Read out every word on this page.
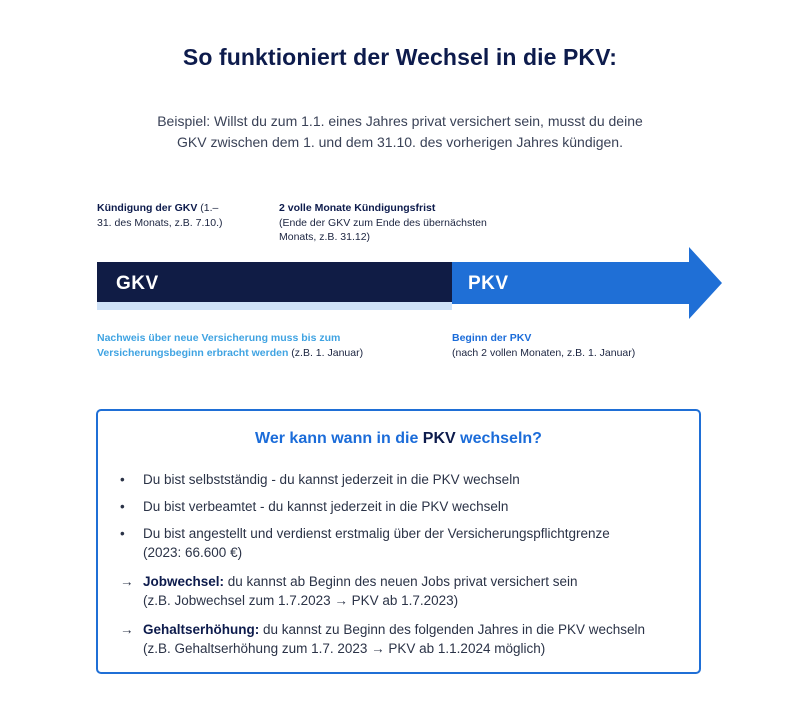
So funktioniert der Wechsel in die PKV:
Beispiel: Willst du zum 1.1. eines Jahres privat versichert sein, musst du deine
GKV zwischen dem 1. und dem 31.10. des vorherigen Jahres kündigen.
Kündigung der GKV (1.–31. des Monats, z.B. 7.10.)
2 volle Monate Kündigungsfrist
(Ende der GKV zum Ende des übernächsten Monats, z.B. 31.12)
GKV	PKV
Nachweis über neue Versicherung muss bis zum Versicherungsbeginn erbracht werden (z.B. 1. Januar)
Beginn der PKV
(nach 2 vollen Monaten, z.B. 1. Januar)
Wer kann wann in die PKV wechseln?
•	Du bist selbstständig - du kannst jederzeit in die PKV wechseln
•	Du bist verbeamtet - du kannst jederzeit in die PKV wechseln
•	Du bist angestellt und verdienst erstmalig über der Versicherungspflichtgrenze
(2023: 66.600 €)
→ Jobwechsel: du kannst ab Beginn des neuen Jobs privat versichert sein
(z.B. Jobwechsel zum 1.7.2023 → PKV ab 1.7.2023)
→ Gehaltserhöhung: du kannst zu Beginn des folgenden Jahres in die PKV wechseln
(z.B. Gehaltserhöhung zum 1.7. 2023 → PKV ab 1.1.2024 möglich)
